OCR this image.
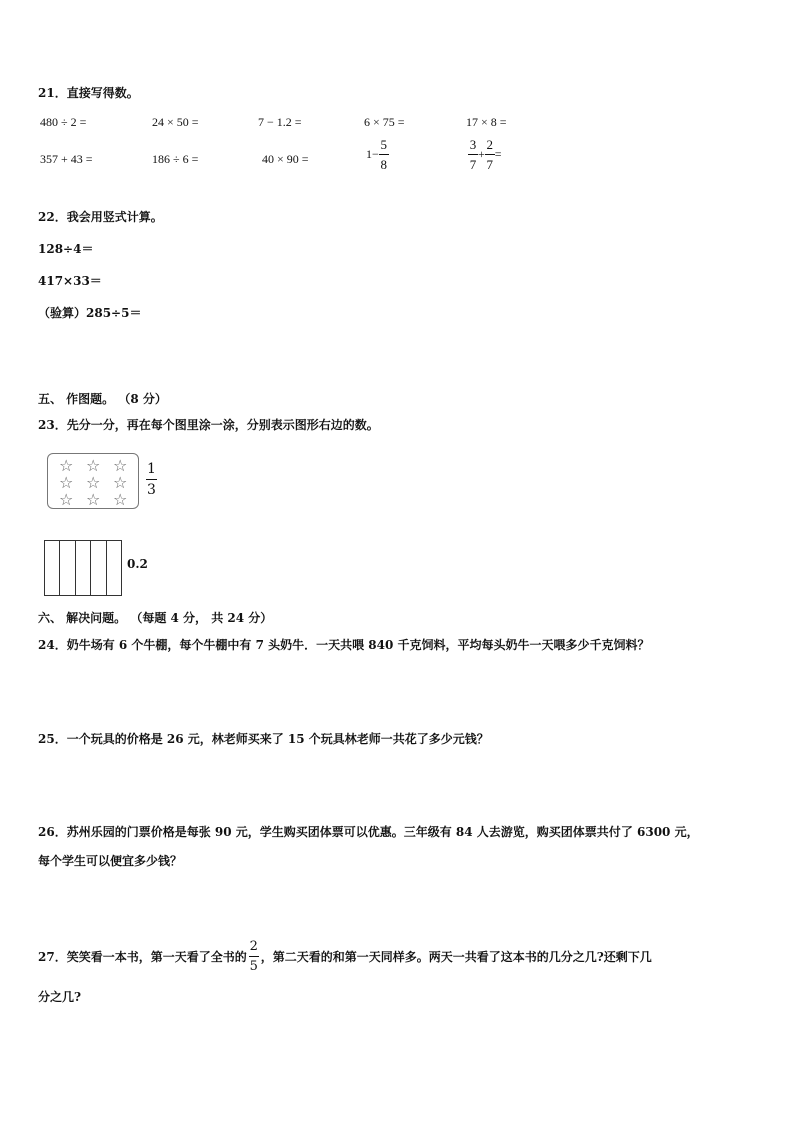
21．直接写得数。
480 ÷ 2 =	24 × 50 =	7 − 1.2 =	6 × 75 =	17 × 8 =
357 + 43 =	186 ÷ 6 =	40 × 90 =	$1- \frac{5}{8}$	$\frac{3}{7} + \frac{2}{7}$ =
22．我会用竖式计算。
128÷4＝
417×33＝
（验算）285÷5＝
五、 作图题。 （8 分）
23．先分一分，再在每个图里涂一涂，分别表示图形右边的数。
☆ ☆ ☆
☆ ☆ ☆
☆ ☆ ☆
$\frac{1}{3}$
0.2
六、 解决问题。 （每题 4 分， 共 24 分）
24．奶牛场有 6 个牛棚，每个牛棚中有 7 头奶牛．一天共喂 840 千克饲料，平均每头奶牛一天喂多少千克饲料？
25．一个玩具的价格是 26 元，林老师买来了 15 个玩具林老师一共花了多少元钱？
26．苏州乐园的门票价格是每张 90 元，学生购买团体票可以优惠。三年级有 84 人去游览，购买团体票共付了 6300 元，
每个学生可以便宜多少钱？
27．笑笑看一本书，第一天看了全书的 $\frac{2}{5}$ ，第二天看的和第一天同样多。两天一共看了这本书的几分之几?还剩下几
分之几?
